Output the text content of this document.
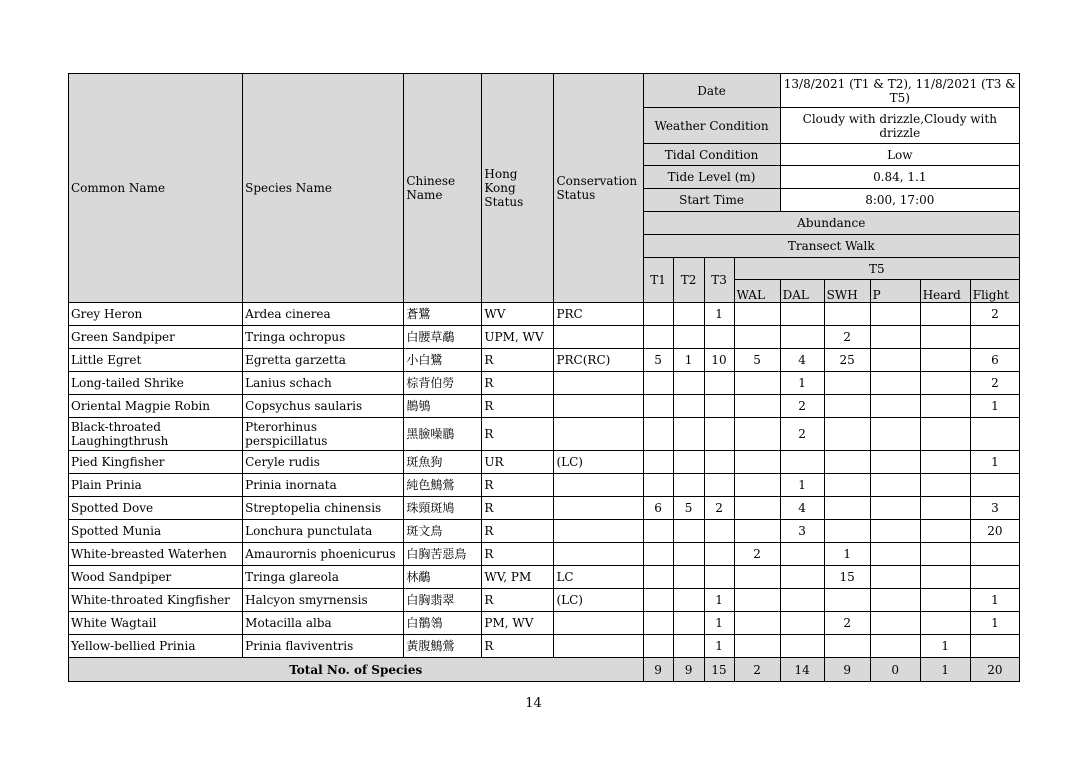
Common Name	Species Name	Chinese Name	Hong Kong Status	Conservation Status	Date				13/8/2021 (T1 & T2), 11/8/2021 (T3 & T5)				
					Weather Condition				Cloudy with drizzle,Cloudy with drizzle				
					Tidal Condition				Low				
					Tide Level (m)				0.84, 1.1				
					Start Time				8:00, 17:00				
					Abundance								
					Transect Walk								
					T1	T2	T3	T5					
								WAL	DAL	SWH	P	Heard	Flight
Grey Heron	Ardea cinerea	蒼鷺	WV	PRC			1						2
Green Sandpiper	Tringa ochropus	白腰草鷸	UPM, WV							2			
Little Egret	Egretta garzetta	小白鷺	R	PRC(RC)	5	1	10	5	4	25			6
Long-tailed Shrike	Lanius schach	棕背伯勞	R						1				2
Oriental Magpie Robin	Copsychus saularis	鵲鴝	R						2				1
Black-throated Laughingthrush	Pterorhinus perspicillatus	黑臉噪鶥	R						2				
Pied Kingfisher	Ceryle rudis	斑魚狗	UR	(LC)									1
Plain Prinia	Prinia inornata	純色鷦鶯	R						1				
Spotted Dove	Streptopelia chinensis	珠頸斑鳩	R		6	5	2		4				3
Spotted Munia	Lonchura punctulata	斑文鳥	R						3				20
White-breasted Waterhen	Amaurornis phoenicurus	白胸苦惡鳥	R					2		1			
Wood Sandpiper	Tringa glareola	林鷸	WV, PM	LC						15			
White-throated Kingfisher	Halcyon smyrnensis	白胸翡翠	R	(LC)			1						1
White Wagtail	Motacilla alba	白鶺鴒	PM, WV				1			2			1
Yellow-bellied Prinia	Prinia flaviventris	黃腹鷦鶯	R				1					1	
Total No. of Species					9	9	15	2	14	9	0	1	20
14
